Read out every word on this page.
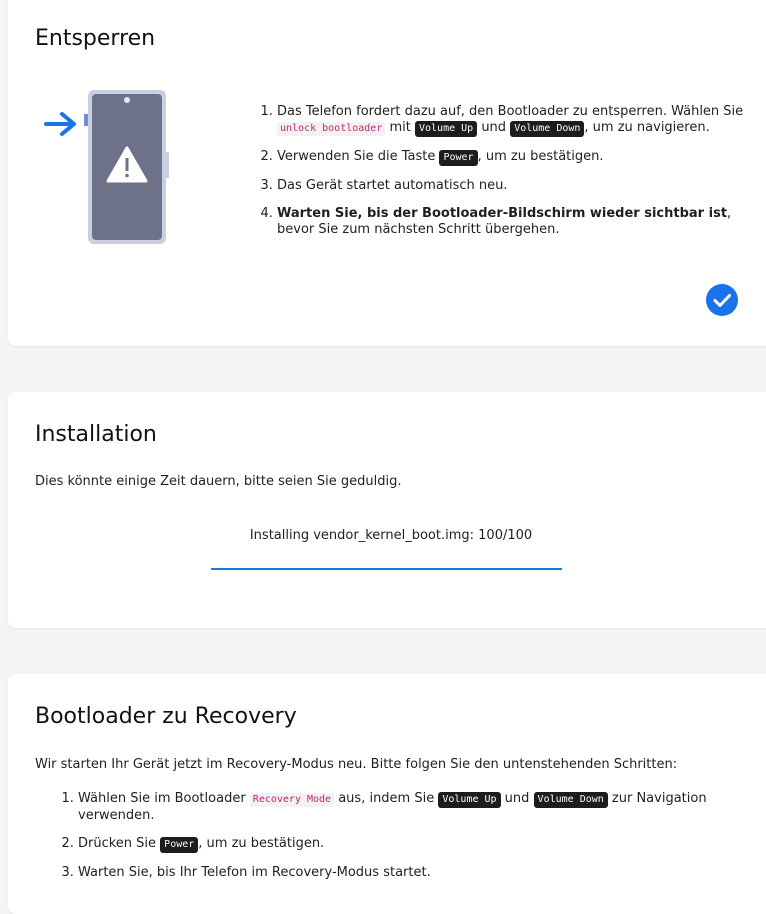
Entsperren
1. Das Telefon fordert dazu auf, den Bootloader zu entsperren. Wählen Sie unlock bootloader mit Volume Up und Volume Down , um zu navigieren.
2. Verwenden Sie die Taste Power , um zu bestätigen.
3. Das Gerät startet automatisch neu.
4. Warten Sie, bis der Bootloader-Bildschirm wieder sichtbar ist, bevor Sie zum nächsten Schritt übergehen.
Installation

Dies könnte einige Zeit dauern, bitte seien Sie geduldig.

Installing vendor_kernel_boot.img: 100/100

Bootloader zu Recovery

Wir starten Ihr Gerät jetzt im Recovery-Modus neu. Bitte folgen Sie den untenstehenden Schritten:

1. Wählen Sie im Bootloader Recovery Mode aus, indem Sie Volume Up und Volume Down zur Navigation verwenden.
2. Drücken Sie Power , um zu bestätigen.
3. Warten Sie, bis Ihr Telefon im Recovery-Modus startet.
